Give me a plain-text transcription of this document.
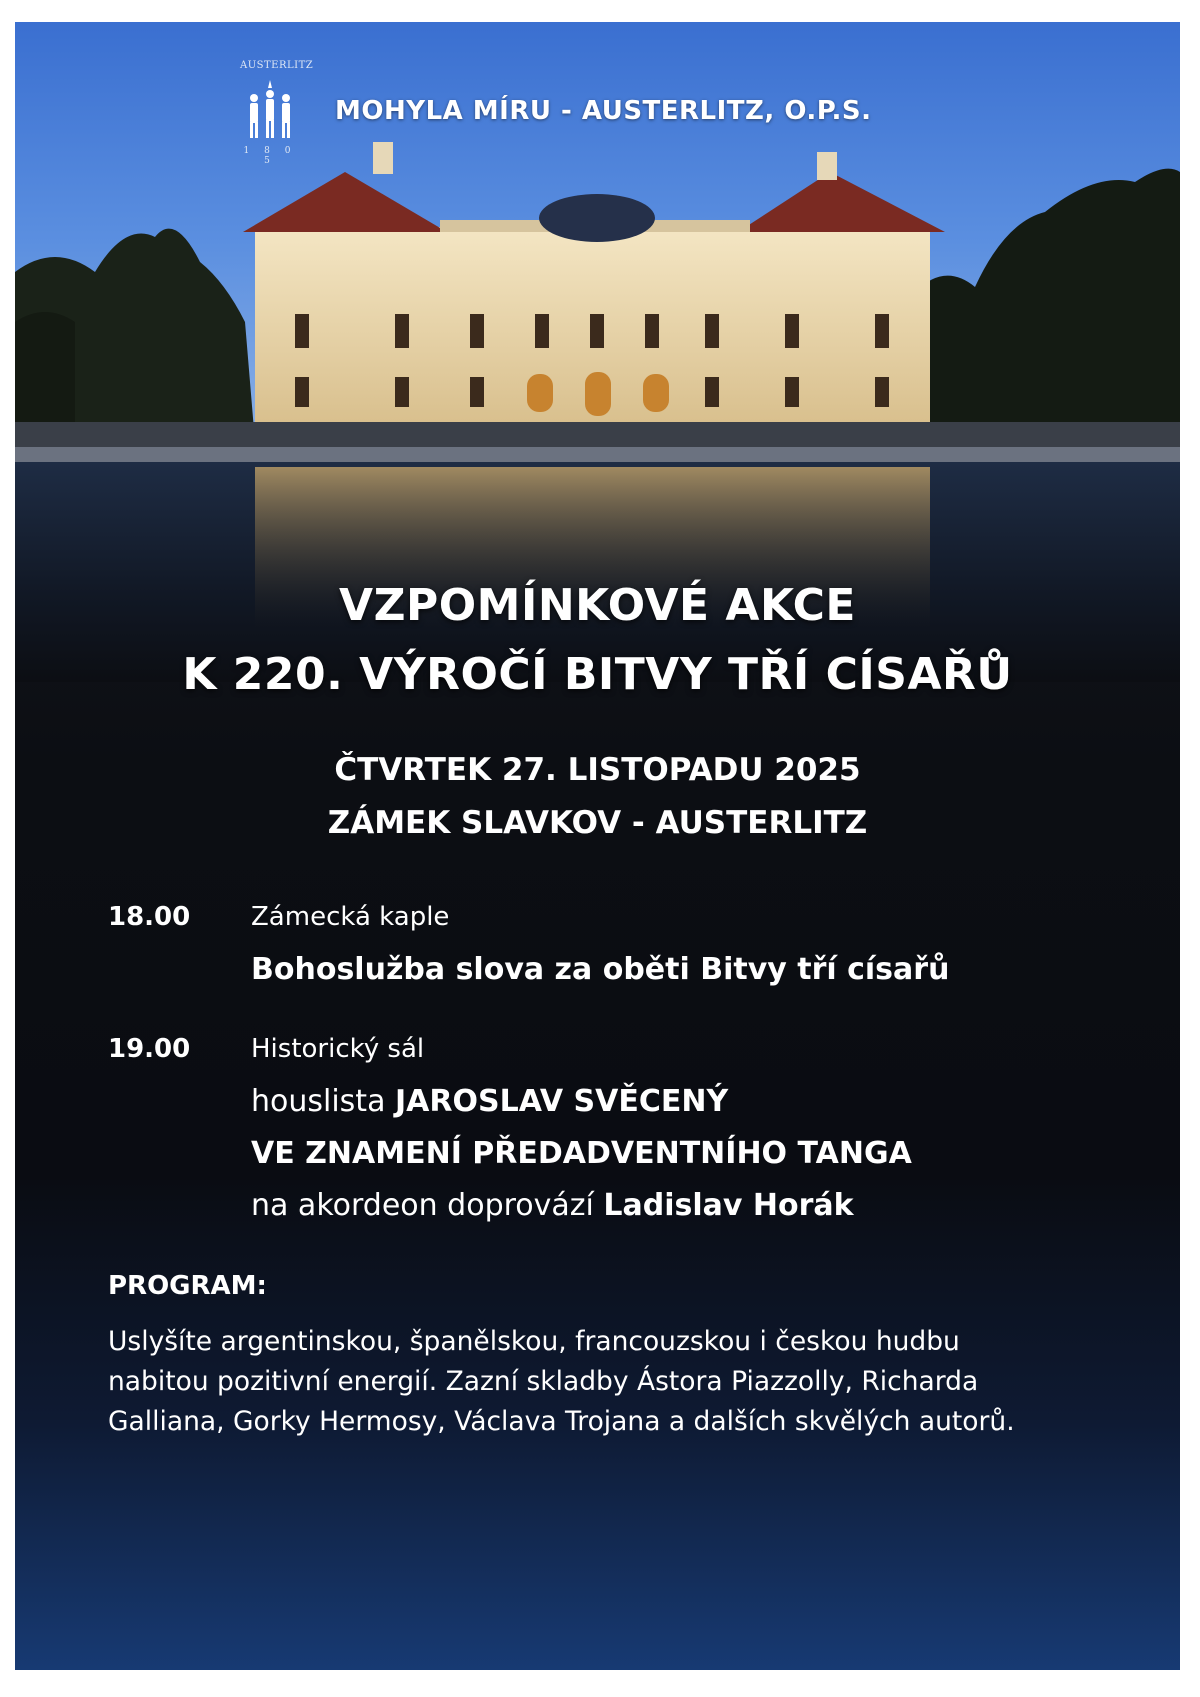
AUSTERLITZ
1 8 0 5
MOHYLA MÍRU - AUSTERLITZ, O.P.S.
VZPOMÍNKOVÉ AKCE
K 220. VÝROČÍ BITVY TŘÍ CÍSAŘŮ
ČTVRTEK 27. LISTOPADU 2025
ZÁMEK SLAVKOV - AUSTERLITZ
18.00 Zámecká kaple
Bohoslužba slova za oběti Bitvy tří císařů
19.00 Historický sál
houslista JAROSLAV SVĚCENÝ
VE ZNAMENÍ PŘEDADVENTNÍHO TANGA
na akordeon doprovází Ladislav Horák
PROGRAM:
Uslyšíte argentinskou, španělskou, francouzskou i českou hudbu nabitou pozitivní energií. Zazní skladby Ástora Piazzolly, Richarda Galliana, Gorky Hermosy, Václava Trojana a dalších skvělých autorů.
